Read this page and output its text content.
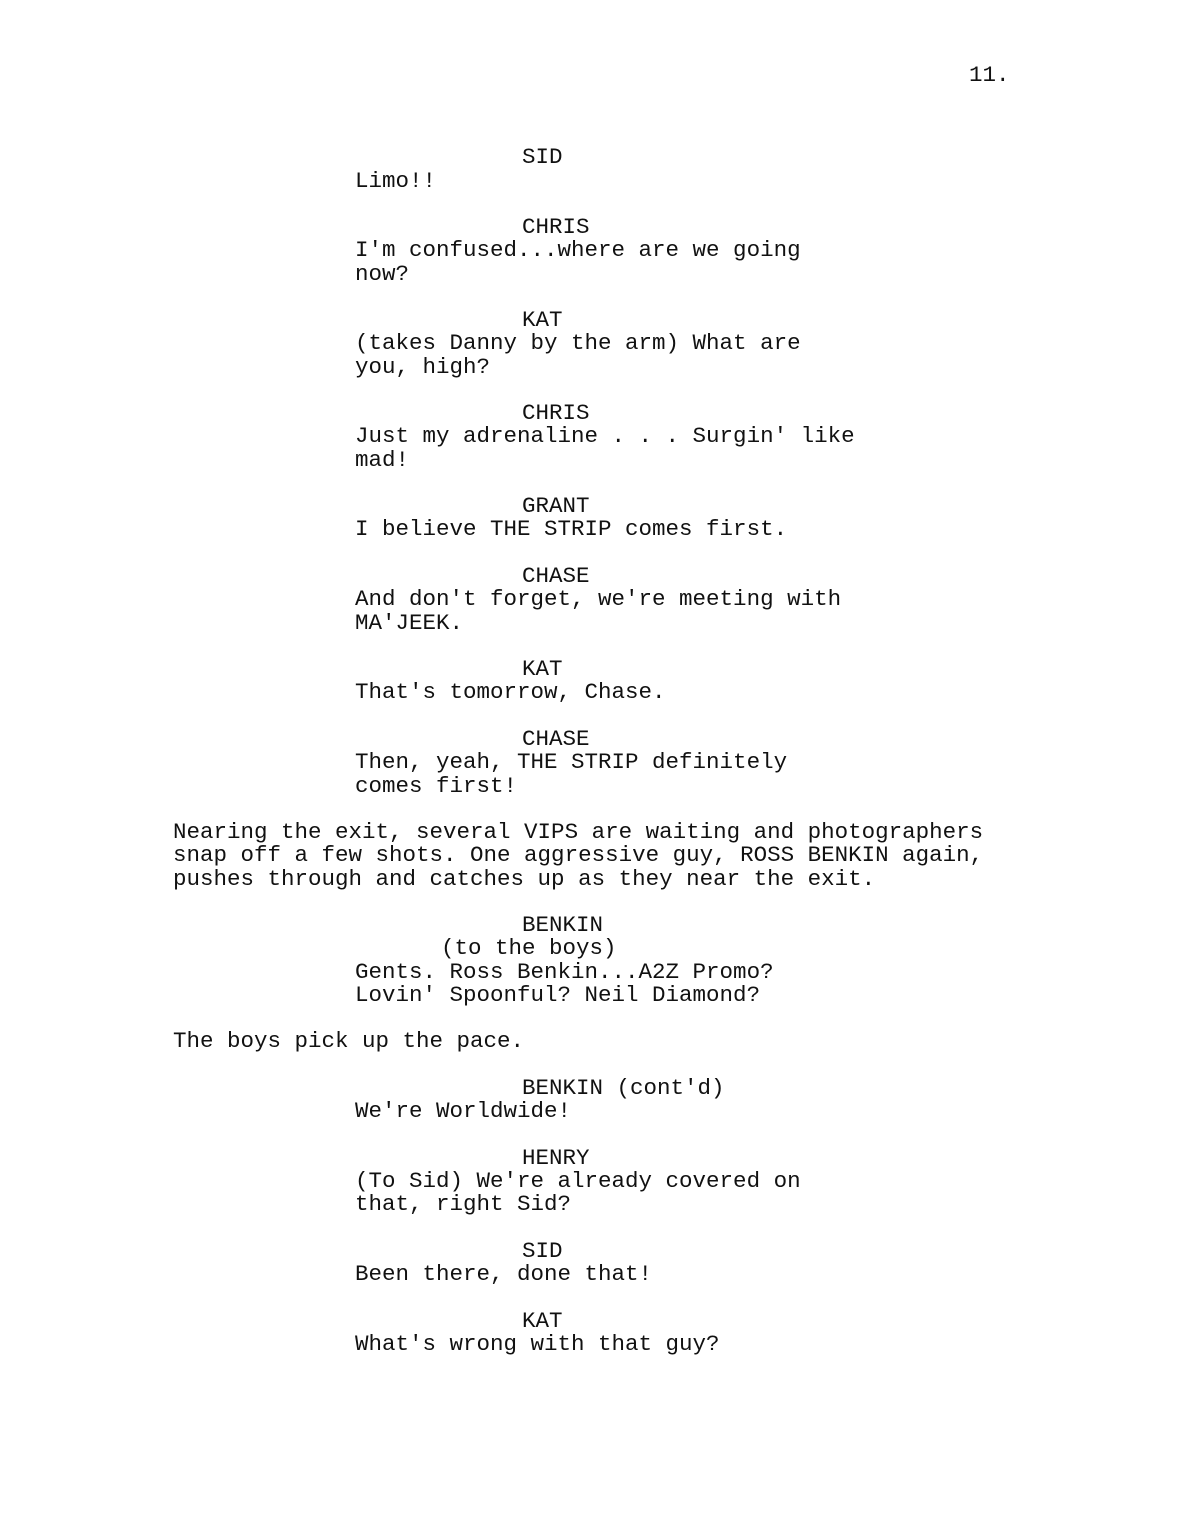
11.
SID
Limo!!
CHRIS
I'm confused...where are we going
now?
KAT
(takes Danny by the arm) What are
you, high?
CHRIS
Just my adrenaline . . . Surgin' like
mad!
GRANT
I believe THE STRIP comes first.
CHASE
And don't forget, we're meeting with
MA'JEEK.
KAT
That's tomorrow, Chase.
CHASE
Then, yeah, THE STRIP definitely
comes first!
Nearing the exit, several VIPS are waiting and photographers
snap off a few shots. One aggressive guy, ROSS BENKIN again,
pushes through and catches up as they near the exit.
BENKIN
(to the boys)
Gents. Ross Benkin...A2Z Promo?
Lovin' Spoonful? Neil Diamond?
The boys pick up the pace.
BENKIN (cont'd)
We're Worldwide!
HENRY
(To Sid) We're already covered on
that, right Sid?
SID
Been there, done that!
KAT
What's wrong with that guy?
